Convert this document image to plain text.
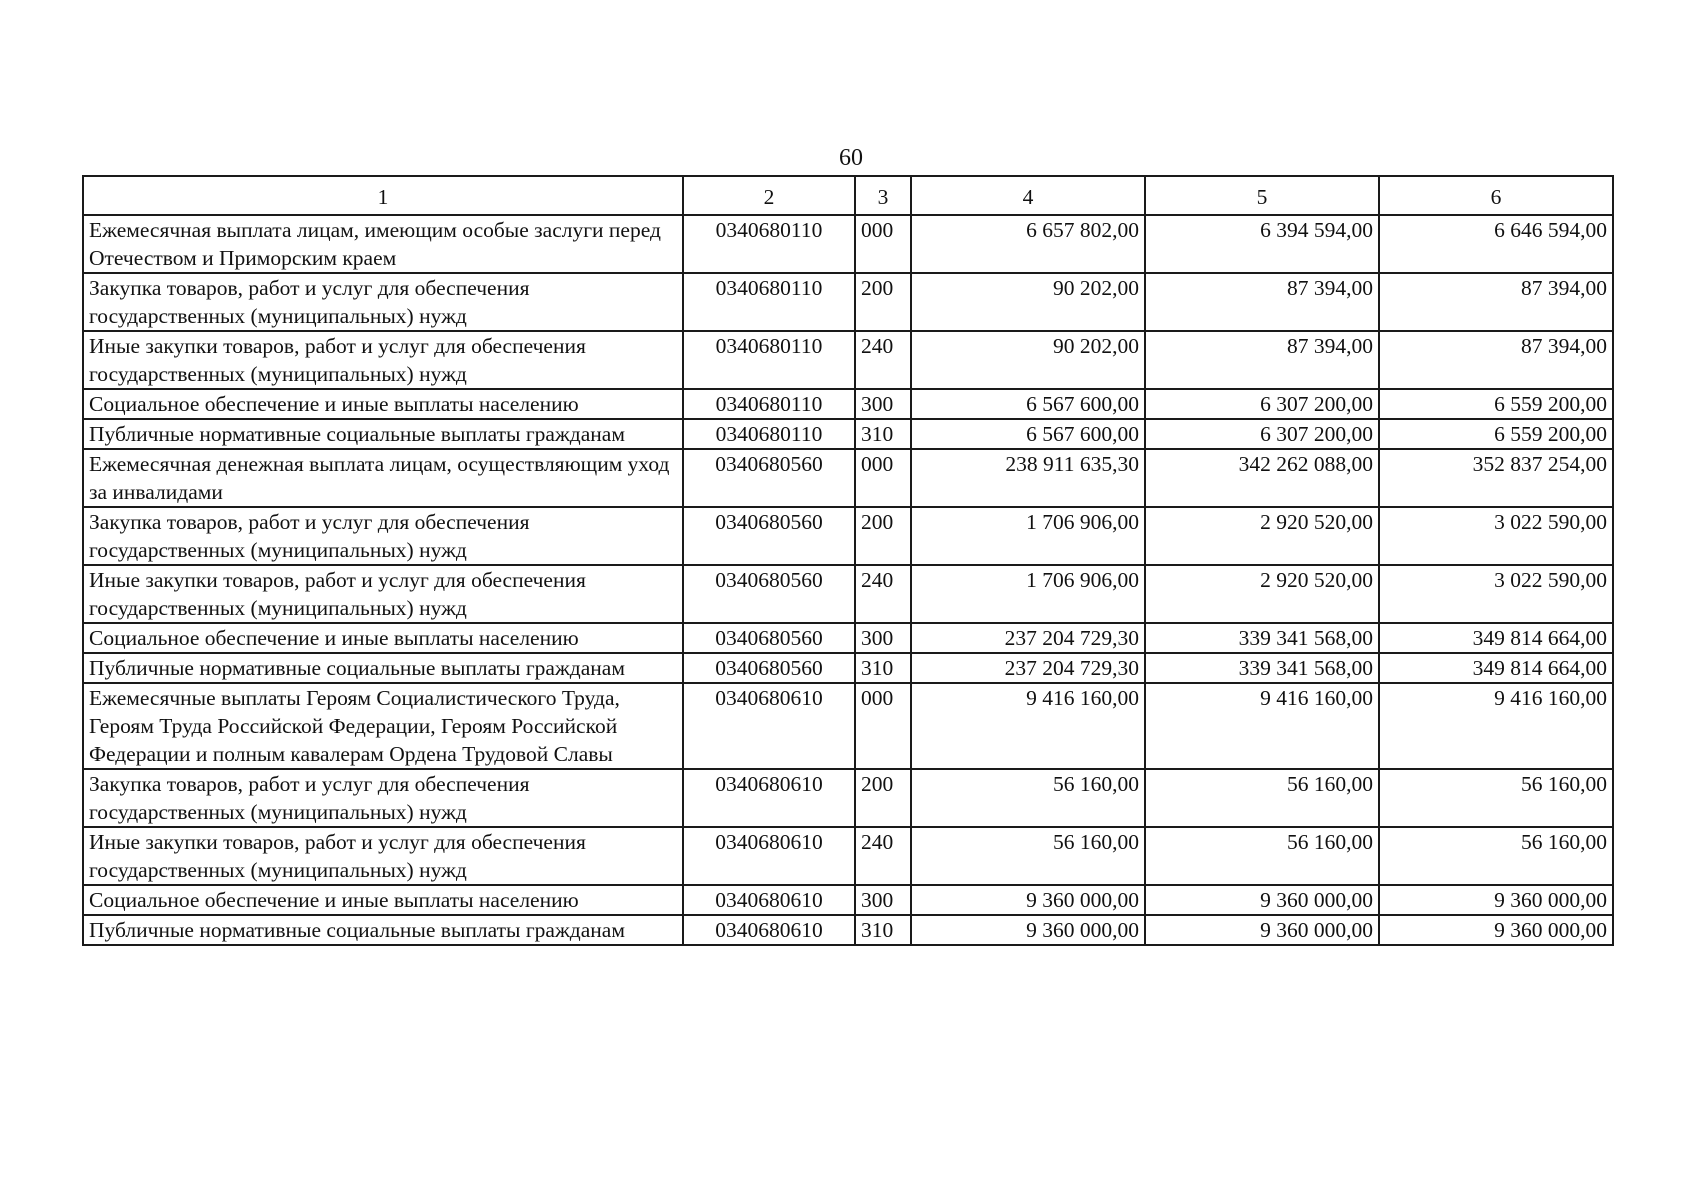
60
1	2	3	4	5	6
Ежемесячная выплата лицам, имеющим особые заслуги перед Отечеством и Приморским краем	0340680110	000	6 657 802,00	6 394 594,00	6 646 594,00
Закупка товаров, работ и услуг для обеспечения государственных (муниципальных) нужд	0340680110	200	90 202,00	87 394,00	87 394,00
Иные закупки товаров, работ и услуг для обеспечения государственных (муниципальных) нужд	0340680110	240	90 202,00	87 394,00	87 394,00
Социальное обеспечение и иные выплаты населению	0340680110	300	6 567 600,00	6 307 200,00	6 559 200,00
Публичные нормативные социальные выплаты гражданам	0340680110	310	6 567 600,00	6 307 200,00	6 559 200,00
Ежемесячная денежная выплата лицам, осуществляющим уход за инвалидами	0340680560	000	238 911 635,30	342 262 088,00	352 837 254,00
Закупка товаров, работ и услуг для обеспечения государственных (муниципальных) нужд	0340680560	200	1 706 906,00	2 920 520,00	3 022 590,00
Иные закупки товаров, работ и услуг для обеспечения государственных (муниципальных) нужд	0340680560	240	1 706 906,00	2 920 520,00	3 022 590,00
Социальное обеспечение и иные выплаты населению	0340680560	300	237 204 729,30	339 341 568,00	349 814 664,00
Публичные нормативные социальные выплаты гражданам	0340680560	310	237 204 729,30	339 341 568,00	349 814 664,00
Ежемесячные выплаты Героям Социалистического Труда, Героям Труда Российской Федерации, Героям Российской Федерации и полным кавалерам Ордена Трудовой Славы	0340680610	000	9 416 160,00	9 416 160,00	9 416 160,00
Закупка товаров, работ и услуг для обеспечения государственных (муниципальных) нужд	0340680610	200	56 160,00	56 160,00	56 160,00
Иные закупки товаров, работ и услуг для обеспечения государственных (муниципальных) нужд	0340680610	240	56 160,00	56 160,00	56 160,00
Социальное обеспечение и иные выплаты населению	0340680610	300	9 360 000,00	9 360 000,00	9 360 000,00
Публичные нормативные социальные выплаты гражданам	0340680610	310	9 360 000,00	9 360 000,00	9 360 000,00
